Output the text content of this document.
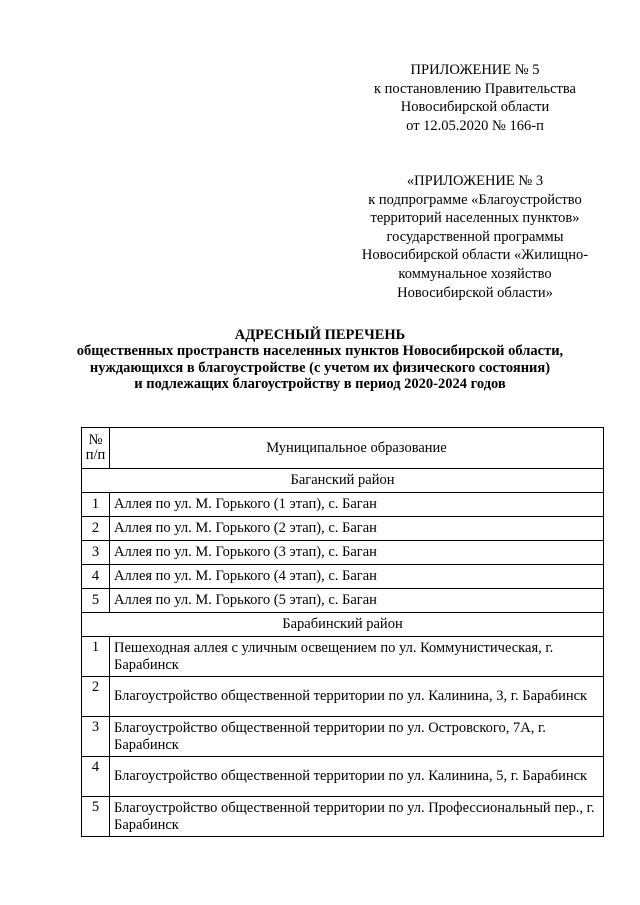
ПРИЛОЖЕНИЕ № 5
к постановлению Правительства
Новосибирской области
от 12.05.2020 № 166-п
«ПРИЛОЖЕНИЕ № 3
к подпрограмме «Благоустройство
территорий населенных пунктов»
государственной программы
Новосибирской области «Жилищно-
коммунальное хозяйство
Новосибирской области»
АДРЕСНЫЙ ПЕРЕЧЕНЬ
общественных пространств населенных пунктов Новосибирской области,
нуждающихся в благоустройстве (с учетом их физического состояния)
и подлежащих благоустройству в период 2020-2024 годов
№ п/п	Муниципальное образование
Баганский район	
1	Аллея по ул. М. Горького (1 этап), с. Баган
2	Аллея по ул. М. Горького (2 этап), с. Баган
3	Аллея по ул. М. Горького (3 этап), с. Баган
4	Аллея по ул. М. Горького (4 этап), с. Баган
5	Аллея по ул. М. Горького (5 этап), с. Баган
Барабинский район	
1	Пешеходная аллея с уличным освещением по ул. Коммунистическая, г. Барабинск
2	Благоустройство общественной территории по ул. Калинина, 3, г. Барабинск
3	Благоустройство общественной территории по ул. Островского, 7А, г. Барабинск
4	Благоустройство общественной территории по ул. Калинина, 5, г. Барабинск
5	Благоустройство общественной территории по ул. Профессиональный пер., г. Барабинск
